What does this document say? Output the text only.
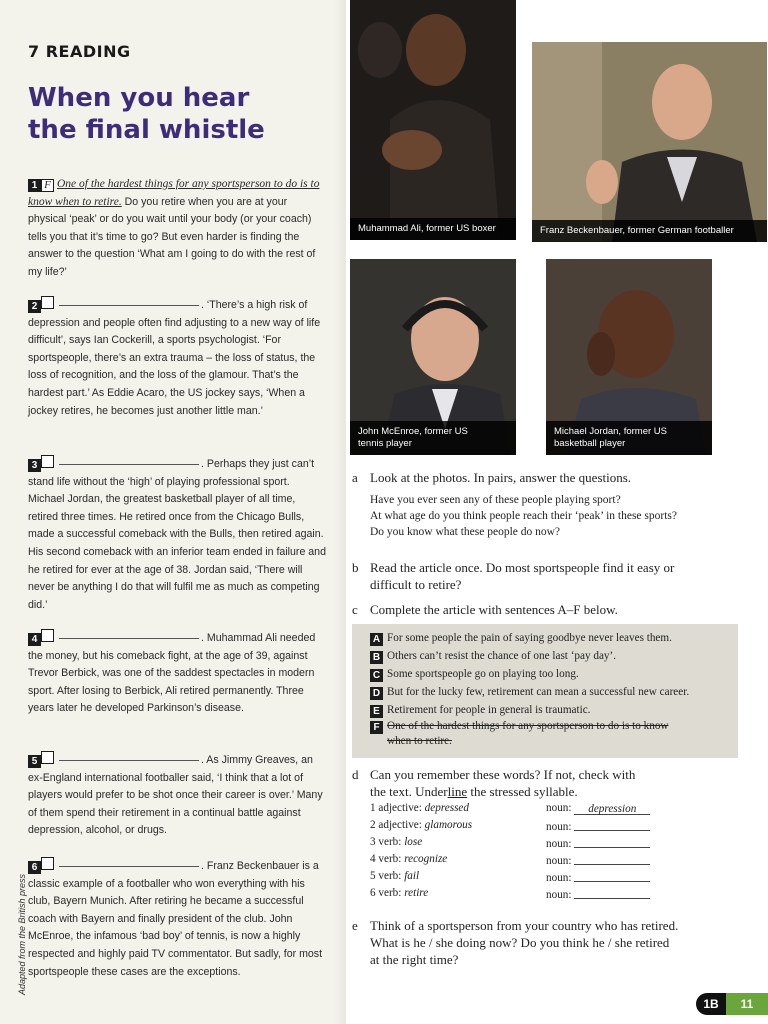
7 READING
When you hear
the final whistle
1 F One of the hardest things for any sportsperson to do is to know when to retire. Do you retire when you are at your physical ‘peak’ or do you wait until your body (or your coach) tells you that it’s time to go? But even harder is finding the answer to the question ‘What am I going to do with the rest of my life?’
2	. ‘There’s a high risk of depression and people often find adjusting to a new way of life difficult’, says Ian Cockerill, a sports psychologist. ‘For sportspeople, there’s an extra trauma – the loss of status, the loss of recognition, and the loss of the glamour. That’s the hardest part.’ As Eddie Acaro, the US jockey says, ‘When a jockey retires, he becomes just another little man.’
3	. Perhaps they just can’t stand life without the ‘high’ of playing professional sport. Michael Jordan, the greatest basketball player of all time, retired three times. He retired once from the Chicago Bulls, made a successful comeback with the Bulls, then retired again. His second comeback with an inferior team ended in failure and he retired for ever at the age of 38. Jordan said, ‘There will never be anything I do that will fulfil me as much as competing did.’
4	. Muhammad Ali needed the money, but his comeback fight, at the age of 39, against Trevor Berbick, was one of the saddest spectacles in modern sport. After losing to Berbick, Ali retired permanently. Three years later he developed Parkinson’s disease.
5	. As Jimmy Greaves, an ex-England international footballer said, ‘I think that a lot of players would prefer to be shot once their career is over.’ Many of them spend their retirement in a continual battle against depression, alcohol, or drugs.
6	. Franz Beckenbauer is a classic example of a footballer who won everything with his club, Bayern Munich. After retiring he became a successful coach with Bayern and finally president of the club. John McEnroe, the infamous ‘bad boy’ of tennis, is now a highly respected and highly paid TV commentator. But sadly, for most sportspeople these cases are the exceptions.
Adapted from the British press
Muhammad Ali, former US boxer	Franz Beckenbauer, former German footballer
John McEnroe, former US
tennis player
Michael Jordan, former US
basketball player
a Look at the photos. In pairs, answer the questions.
Have you ever seen any of these people playing sport?
At what age do you think people reach their ‘peak’ in these sports?
Do you know what these people do now?
b Read the article once. Do most sportspeople find it easy or
difficult to retire?
c Complete the article with sentences A–F below.
A For some people the pain of saying goodbye never leaves them.
B Others can’t resist the chance of one last ‘pay day’.
C Some sportspeople go on playing too long.
D But for the lucky few, retirement can mean a successful new career.
E Retirement for people in general is traumatic.
F One of the hardest things for any sportsperson to do is to know
when to retire.
d Can you remember these words? If not, check with
the text. Underline the stressed syllable.
1 adjective: depressed	noun: depression
2 adjective: glamorous	noun:
3 verb: lose	noun:
4 verb: recognize	noun:
5 verb: fail	noun:
6 verb: retire	noun:
e Think of a sportsperson from your country who has retired.
What is he / she doing now? Do you think he / she retired
at the right time?
1B	11
